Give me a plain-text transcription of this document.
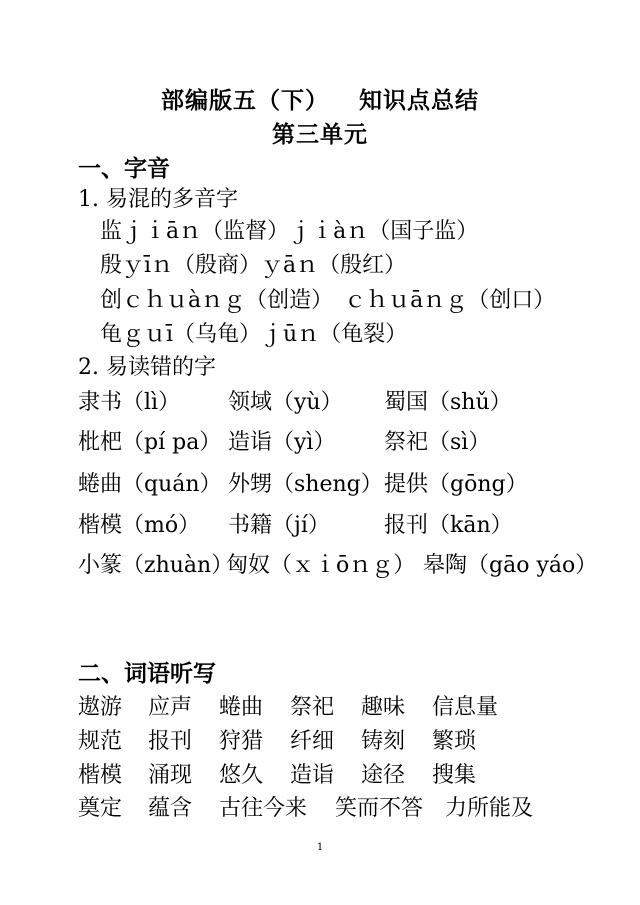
部编版五（下） 知识点总结
第三单元
一、字音
1. 易混的多音字
监ｊｉāｎ（监督）ｊｉàｎ（国子监）
殷ｙīｎ（殷商）ｙāｎ（殷红）
创ｃｈｕàｎｇ（创造）　ｃｈｕāｎｇ（创口）
龟ｇｕī（乌龟）ｊūｎ（龟裂）
2. 易读错的字
隶书（lì） 领域（yù） 蜀国（shǔ）
枇杷（pí pa） 造诣（yì） 祭祀（sì）
蜷曲（quán） 外甥（sheng） 提供（gōng）
楷模（mó） 书籍（jí） 报刊（kān）
小篆（zhuàn）
匈奴（ｘｉōｎｇ） 皋陶（gāo yáo）
二、词语听写
遨游 应声 蜷曲 祭祀 趣味 信息量
规范 报刊 狩猎 纤细 铸刻 繁琐
楷模 涌现 悠久 造诣 途径 搜集
奠定 蕴含 古往今来 笑而不答 力所能及
1
